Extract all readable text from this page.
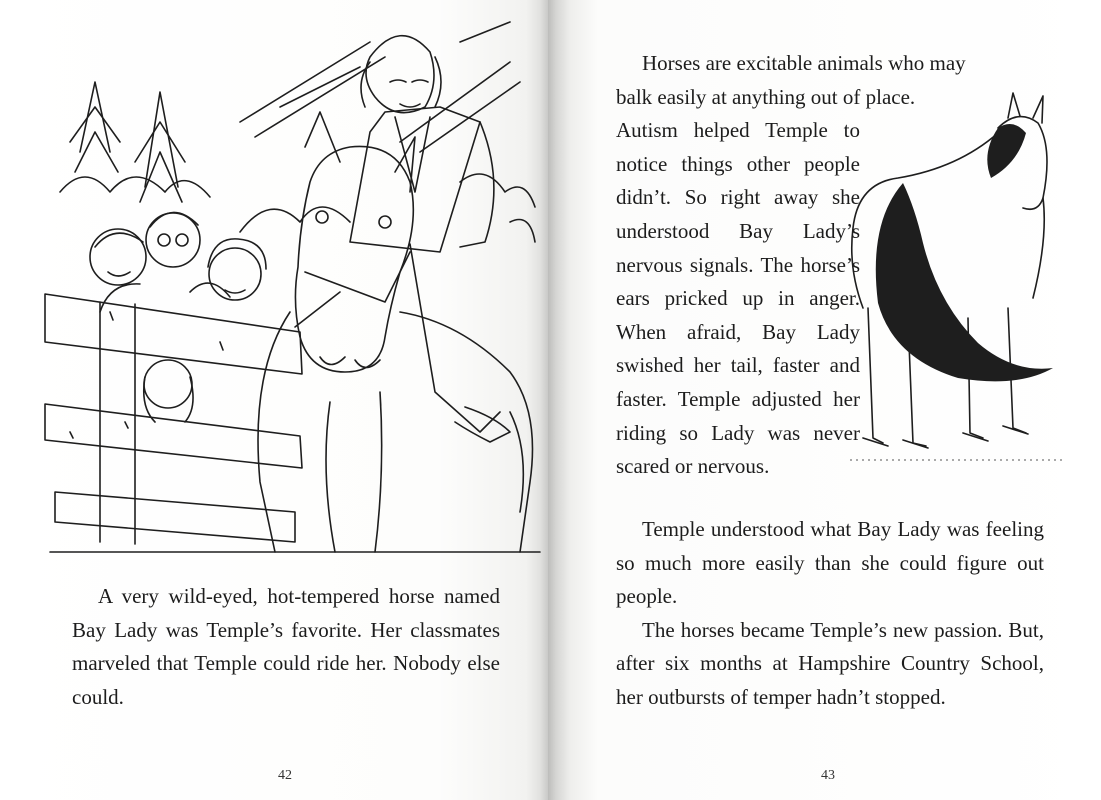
A very wild-eyed, hot-tempered horse named Bay Lady was Temple’s favorite. Her classmates marveled that Temple could ride her. Nobody else could.
42

Horses are excitable animals who may

balk easily at anything out of place.

Autism helped Temple to notice things other people didn’t. So right away she understood Bay Lady’s nervous signals. The horse’s ears pricked up in anger. When afraid, Bay Lady swished her tail, faster and faster. Temple adjusted her riding so Lady was never scared or nervous.

Temple understood what Bay Lady was feeling so much more easily than she could figure out people.

The horses became Temple’s new passion. But, after six months at Hampshire Country School, her outbursts of temper hadn’t stopped.

43
